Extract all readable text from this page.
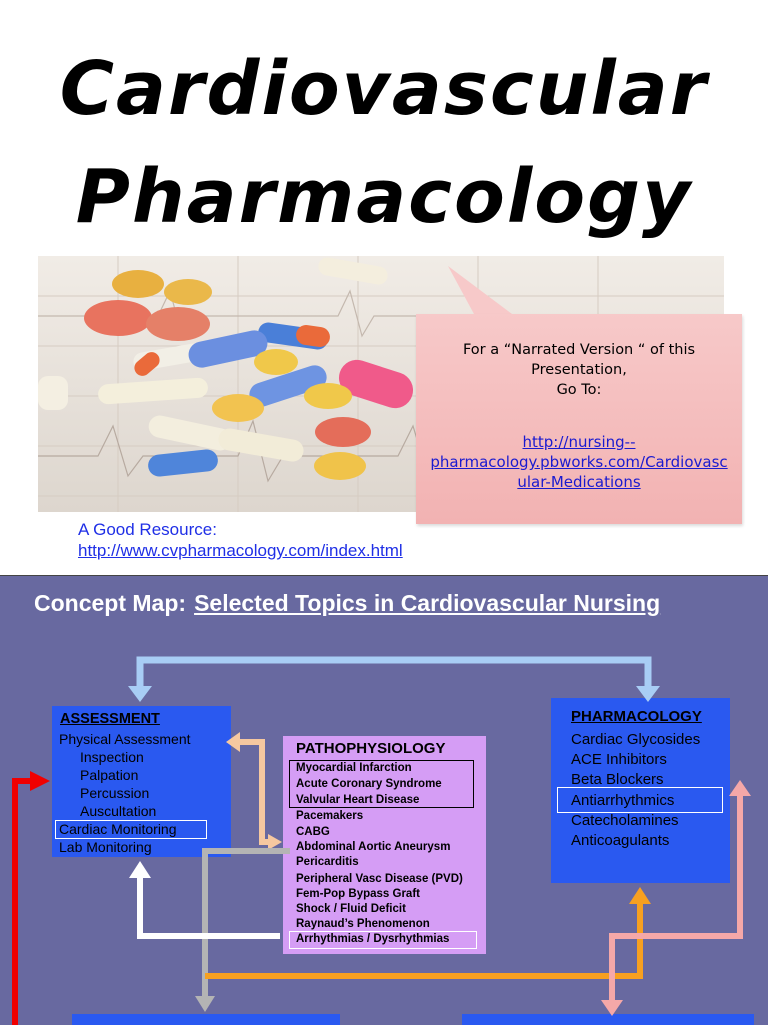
Cardiovascular
Pharmacology
For a “Narrated Version “ of this
Presentation,
Go To:
http://nursing--
pharmacology.pbworks.com/Cardiovasc
ular-Medications
A Good Resource:
http://www.cvpharmacology.com/index.html
Concept Map: Selected Topics in Cardiovascular Nursing
ASSESSMENT
Physical Assessment
Inspection
Palpation
Percussion
Auscultation
Cardiac Monitoring
Lab Monitoring
PATHOPHYSIOLOGY
Myocardial Infarction
Acute Coronary Syndrome
Valvular Heart Disease
Pacemakers
CABG
Abdominal Aortic Aneurysm
Pericarditis
Peripheral Vasc Disease (PVD)
Fem-Pop Bypass Graft
Shock / Fluid Deficit
Raynaud’s Phenomenon
Arrhythmias / Dysrhythmias
PHARMACOLOGY
Cardiac Glycosides
ACE Inhibitors
Beta Blockers
Antiarrhythmics
Catecholamines
Anticoagulants
